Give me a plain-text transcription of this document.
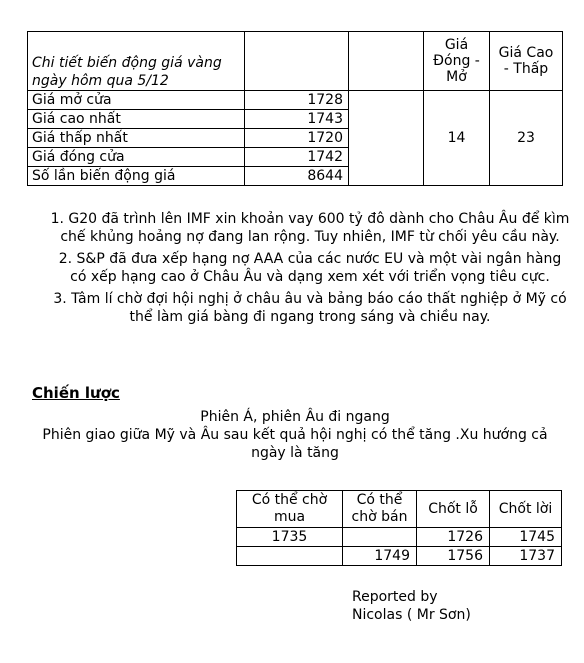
Chi tiết biến động giá vàng ngày hôm qua 5/12			Giá Đóng - Mở	Giá Cao - Thấp
Giá mở cửa	1728		14	23
Giá cao nhất	1743			
Giá thấp nhất	1720			
Giá đóng cửa	1742			
Số lần biến động giá	8644			

1. G20 đã trình lên IMF xin khoản vay 600 tỷ đô dành cho Châu Âu để kìm chế khủng hoảng nợ đang lan rộng. Tuy nhiên, IMF từ chối yêu cầu này.

2. S&P đã đưa xếp hạng nợ AAA của các nước EU và một vài ngân hàng có xếp hạng cao ở Châu Âu và dạng xem xét với triển vọng tiêu cực.

3. Tâm lí chờ đợi hội nghị ở châu âu và bảng báo cáo thất nghiệp ở Mỹ có thể làm giá bàng đi ngang trong sáng và chiều nay.

Chiến lược

Phiên Á, phiên Âu đi ngang
Phiên giao giữa Mỹ và Âu sau kết quả hội nghị có thể tăng .Xu hướng cả ngày là tăng
Có thể chờ mua	Có thể chờ bán	Chốt lỗ	Chốt lời
1735		1726	1745
	1749	1756	1737
Reported by
Nicolas ( Mr Sơn)
